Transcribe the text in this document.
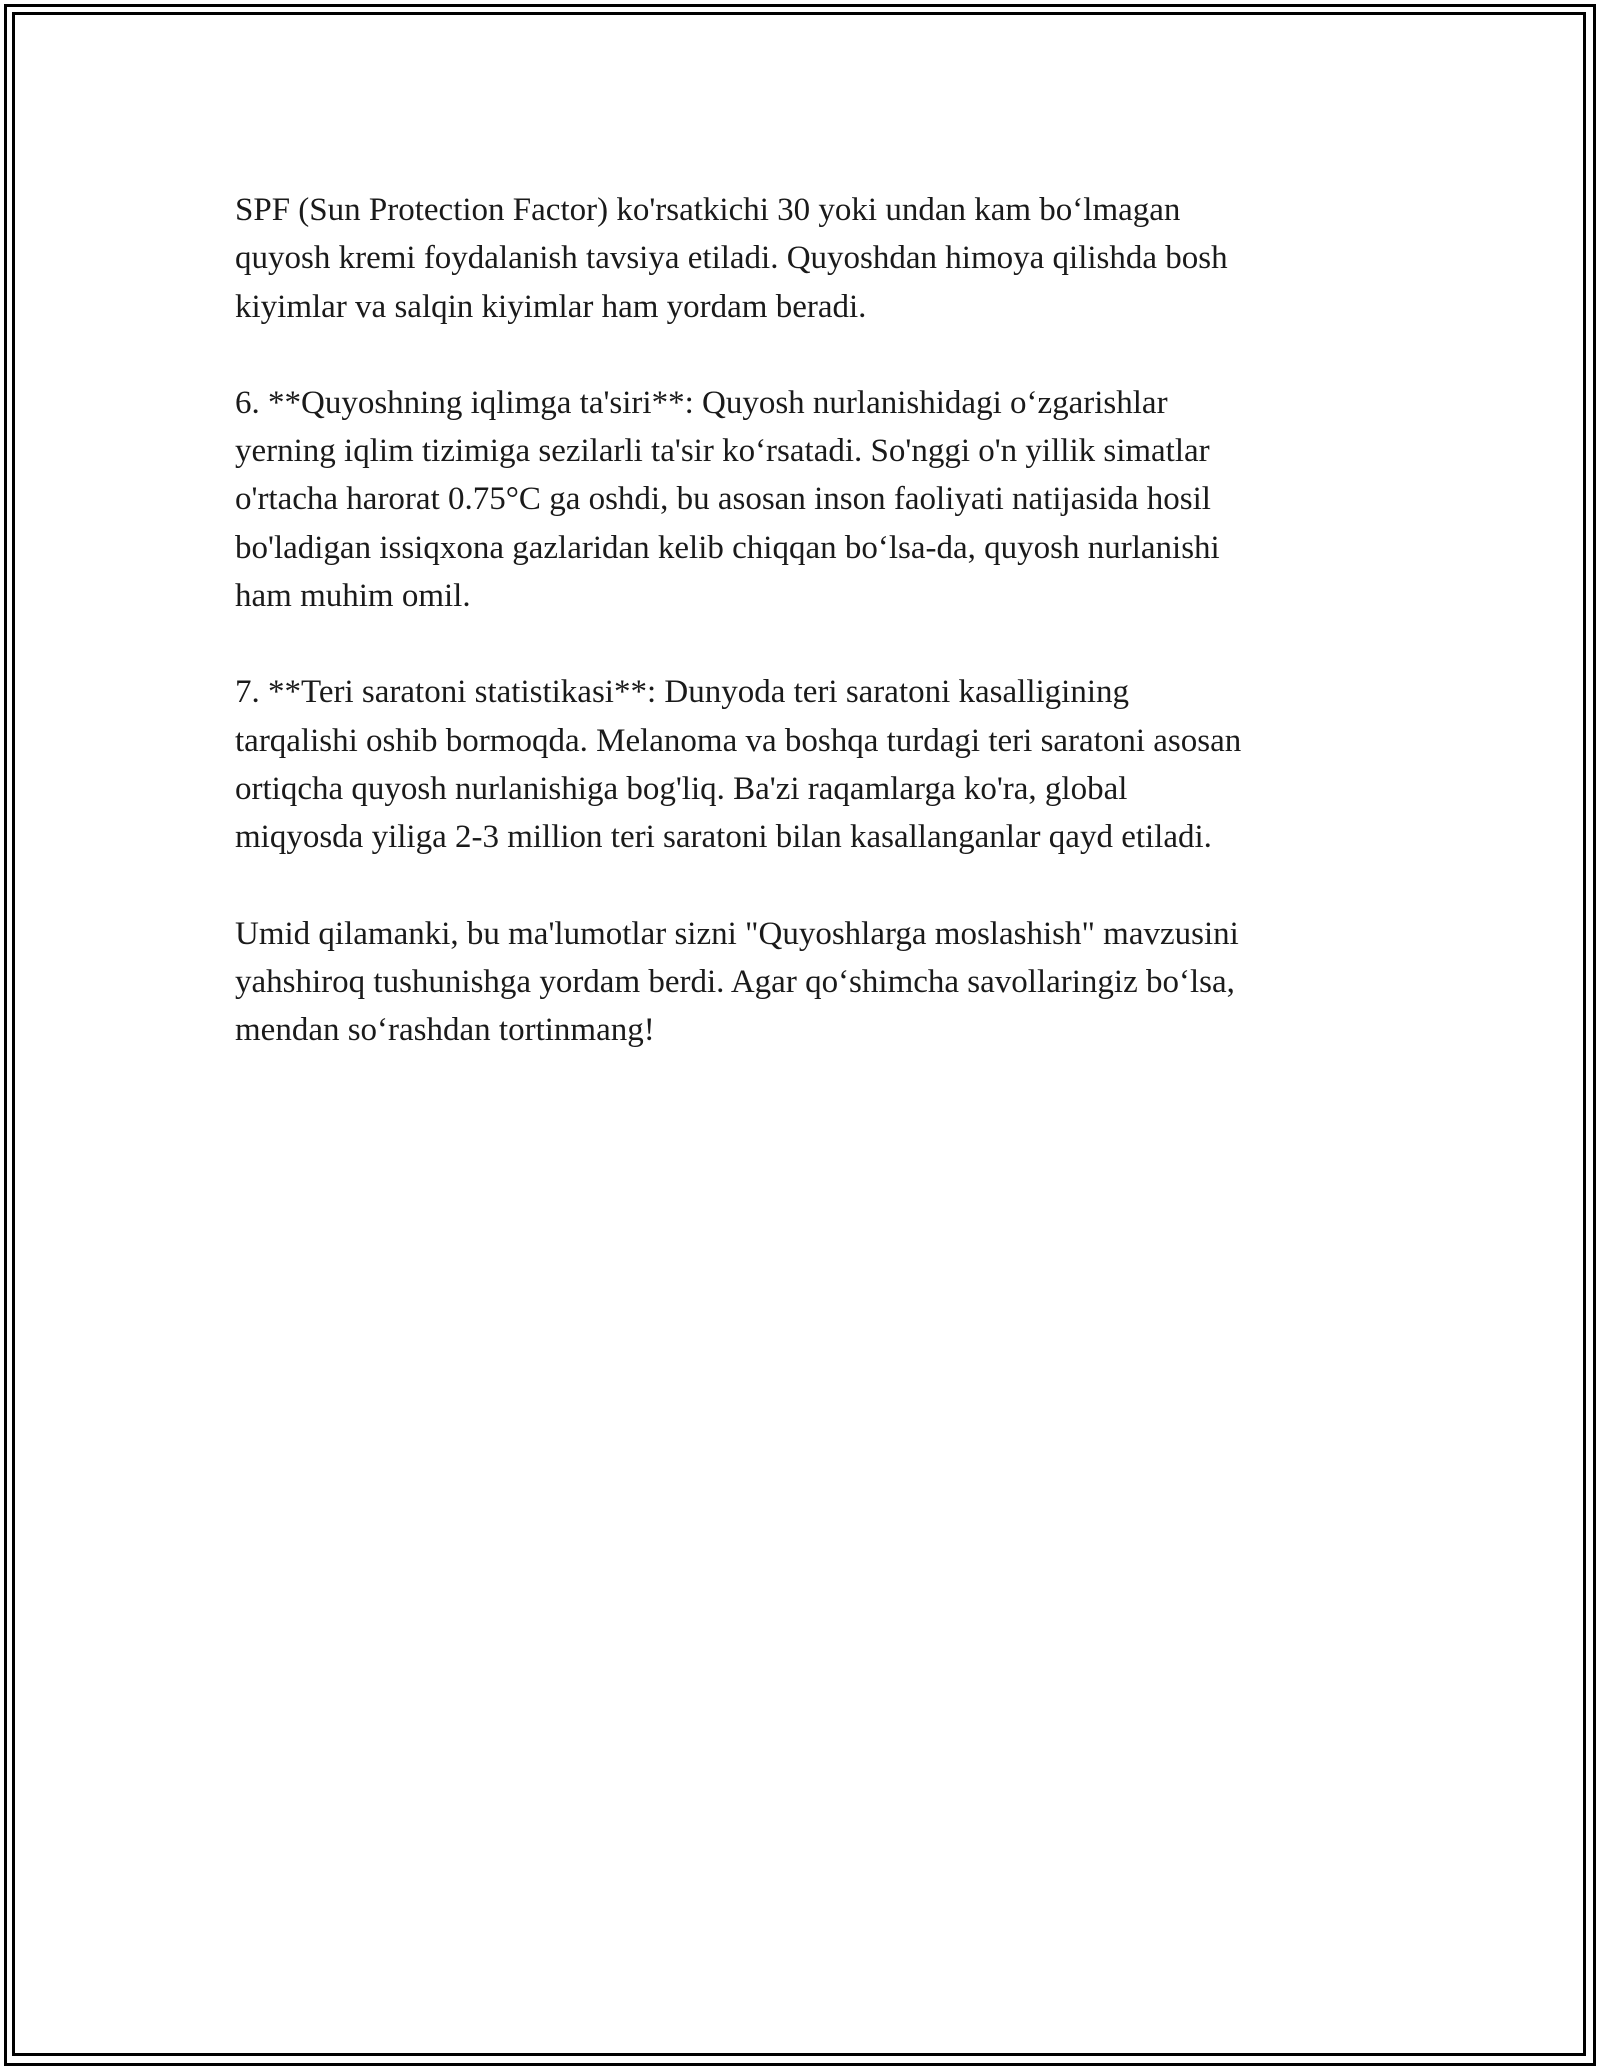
SPF (Sun Protection Factor) ko'rsatkichi 30 yoki undan kam bo‘lmagan
quyosh kremi foydalanish tavsiya etiladi. Quyoshdan himoya qilishda bosh
kiyimlar va salqin kiyimlar ham yordam beradi.

6. **Quyoshning iqlimga ta'siri**: Quyosh nurlanishidagi o‘zgarishlar
yerning iqlim tizimiga sezilarli ta'sir ko‘rsatadi. So'nggi o'n yillik simatlar
o'rtacha harorat 0.75°C ga oshdi, bu asosan inson faoliyati natijasida hosil
bo'ladigan issiqxona gazlaridan kelib chiqqan bo‘lsa-da, quyosh nurlanishi
ham muhim omil.

7. **Teri saratoni statistikasi**: Dunyoda teri saratoni kasalligining
tarqalishi oshib bormoqda. Melanoma va boshqa turdagi teri saratoni asosan
ortiqcha quyosh nurlanishiga bog'liq. Ba'zi raqamlarga ko'ra, global
miqyosda yiliga 2-3 million teri saratoni bilan kasallanganlar qayd etiladi.

Umid qilamanki, bu ma'lumotlar sizni "Quyoshlarga moslashish" mavzusini
yahshiroq tushunishga yordam berdi. Agar qo‘shimcha savollaringiz bo‘lsa,
mendan so‘rashdan tortinmang!
